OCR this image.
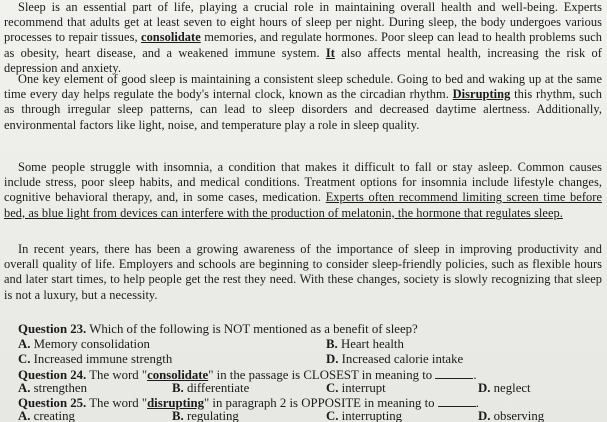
Sleep is an essential part of life, playing a crucial role in maintaining overall health and well-being. Experts recommend that adults get at least seven to eight hours of sleep per night. During sleep, the body undergoes various processes to repair tissues, consolidate memories, and regulate hormones. Poor sleep can lead to health problems such as obesity, heart disease, and a weakened immune system. It also affects mental health, increasing the risk of depression and anxiety.

One key element of good sleep is maintaining a consistent sleep schedule. Going to bed and waking up at the same time every day helps regulate the body's internal clock, known as the circadian rhythm. Disrupting this rhythm, such as through irregular sleep patterns, can lead to sleep disorders and decreased daytime alertness. Additionally, environmental factors like light, noise, and temperature play a role in sleep quality.

Some people struggle with insomnia, a condition that makes it difficult to fall or stay asleep. Common causes include stress, poor sleep habits, and medical conditions. Treatment options for insomnia include lifestyle changes, cognitive behavioral therapy, and, in some cases, medication. Experts often recommend limiting screen time before bed, as blue light from devices can interfere with the production of melatonin, the hormone that regulates sleep.

In recent years, there has been a growing awareness of the importance of sleep in improving productivity and overall quality of life. Employers and schools are beginning to consider sleep-friendly policies, such as flexible hours and later start times, to help people get the rest they need. With these changes, society is slowly recognizing that sleep is not a luxury, but a necessity.

Question 23. Which of the following is NOT mentioned as a benefit of sleep?
A. Memory consolidation	B. Heart health
C. Increased immune strength	D. Increased calorie intake
Question 24. The word "consolidate" in the passage is CLOSEST in meaning to	.
A. strengthen	B. differentiate	C. interrupt	D. neglect
Question 25. The word "disrupting" in paragraph 2 is OPPOSITE in meaning to	.
A. creating	B. regulating	C. interrupting	D. observing
